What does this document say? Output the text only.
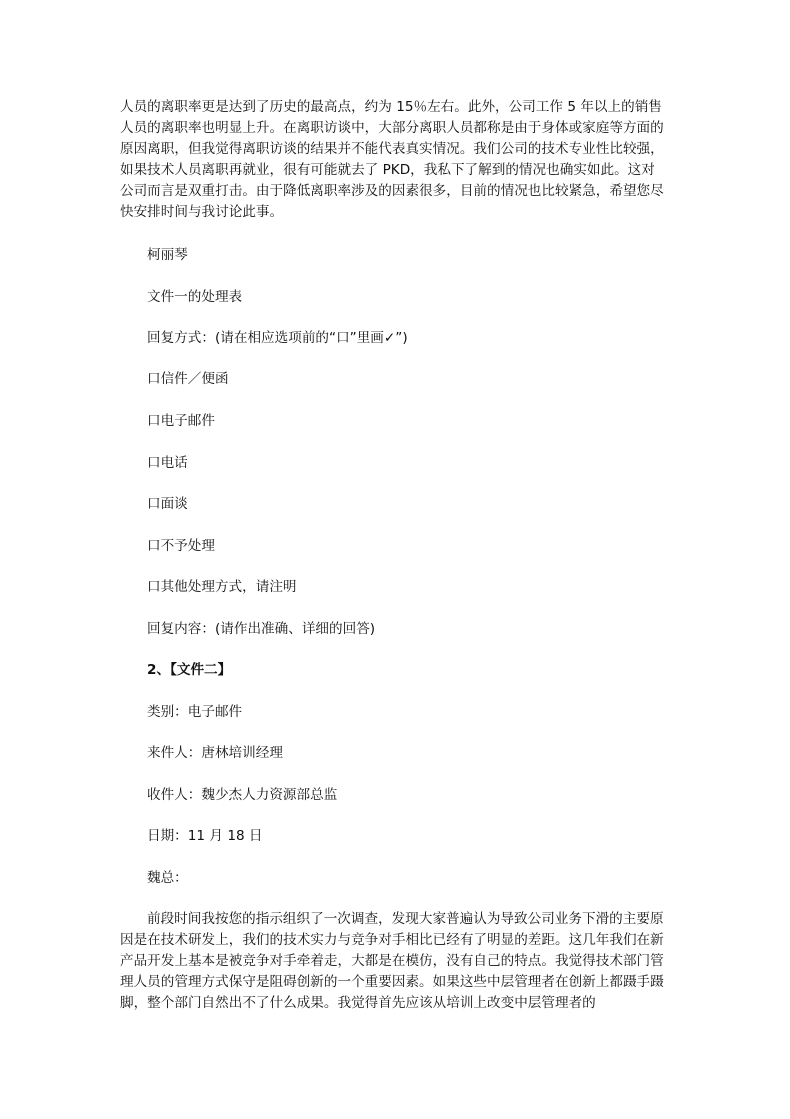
人员的离职率更是达到了历史的最高点，约为 15％左右。此外，公司工作 5 年以上的销售人员的离职率也明显上升。在离职访谈中，大部分离职人员都称是由于身体或家庭等方面的原因离职，但我觉得离职访谈的结果并不能代表真实情况。我们公司的技术专业性比较强，如果技术人员离职再就业，很有可能就去了 PKD，我私下了解到的情况也确实如此。这对公司而言是双重打击。由于降低离职率涉及的因素很多，目前的情况也比较紧急，希望您尽快安排时间与我讨论此事。

柯丽琴

文件一的处理表

回复方式：(请在相应选项前的“口”里画✓”)

口信件／便函

口电子邮件

口电话

口面谈

口不予处理

口其他处理方式，请注明

回复内容：(请作出准确、详细的回答)

2、【文件二】

类别：电子邮件

来件人：唐林培训经理

收件人：魏少杰人力资源部总监

日期：11 月 18 日

魏总：

前段时间我按您的指示组织了一次调查，发现大家普遍认为导致公司业务下滑的主要原因是在技术研发上，我们的技术实力与竞争对手相比已经有了明显的差距。这几年我们在新产品开发上基本是被竞争对手牵着走，大都是在模仿，没有自己的特点。我觉得技术部门管理人员的管理方式保守是阻碍创新的一个重要因素。如果这些中层管理者在创新上都蹑手蹑脚，整个部门自然出不了什么成果。我觉得首先应该从培训上改变中层管理者的
